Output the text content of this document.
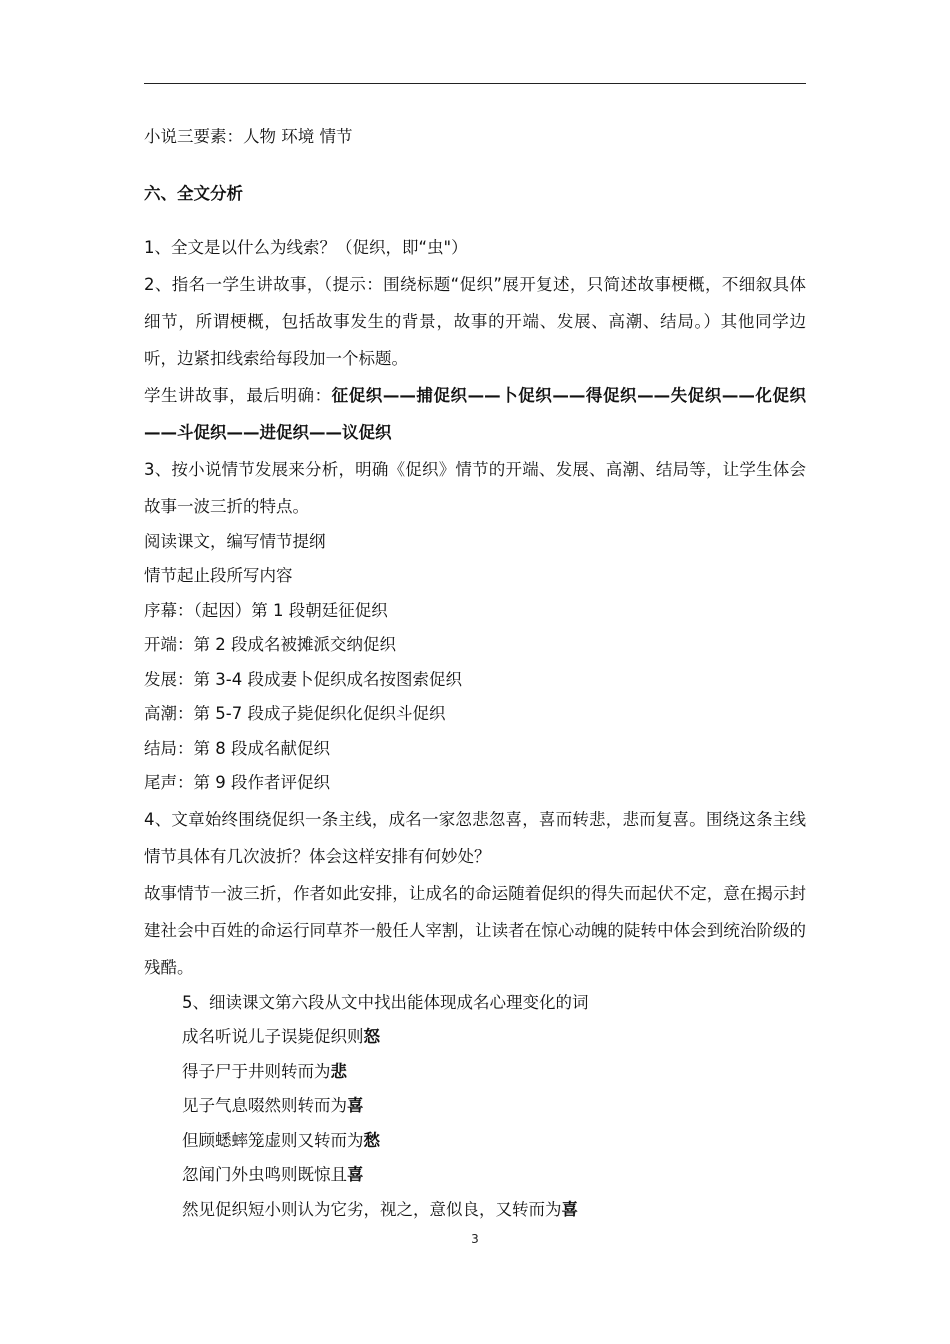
小说三要素：人物 环境 情节

六、全文分析

1、全文是以什么为线索？（促织，即“虫"）

2、指名一学生讲故事，（提示：围绕标题“促织”展开复述，只简述故事梗概，不细叙具体细节，所谓梗概，包括故事发生的背景，故事的开端、发展、高潮、结局。）其他同学边听，边紧扣线索给每段加一个标题。

学生讲故事，最后明确：征促织——捕促织——卜促织——得促织——失促织——化促织——斗促织——进促织——议促织

3、按小说情节发展来分析，明确《促织》情节的开端、发展、高潮、结局等，让学生体会故事一波三折的特点。

阅读课文，编写情节提纲

情节起止段所写内容

序幕：（起因）第 1 段朝廷征促织

开端：第 2 段成名被摊派交纳促织

发展：第 3-4 段成妻卜促织成名按图索促织

高潮：第 5-7 段成子毙促织化促织斗促织

结局：第 8 段成名献促织

尾声：第 9 段作者评促织

4、文章始终围绕促织一条主线，成名一家忽悲忽喜，喜而转悲，悲而复喜。围绕这条主线情节具体有几次波折？体会这样安排有何妙处？

故事情节一波三折，作者如此安排，让成名的命运随着促织的得失而起伏不定，意在揭示封建社会中百姓的命运行同草芥一般任人宰割，让读者在惊心动魄的陡转中体会到统治阶级的残酷。

5、细读课文第六段从文中找出能体现成名心理变化的词

成名听说儿子误毙促织则怒

得子尸于井则转而为悲

见子气息啜然则转而为喜

但顾蟋蟀笼虚则又转而为愁

忽闻门外虫鸣则既惊且喜

然见促织短小则认为它劣，视之，意似良，又转而为喜

3
